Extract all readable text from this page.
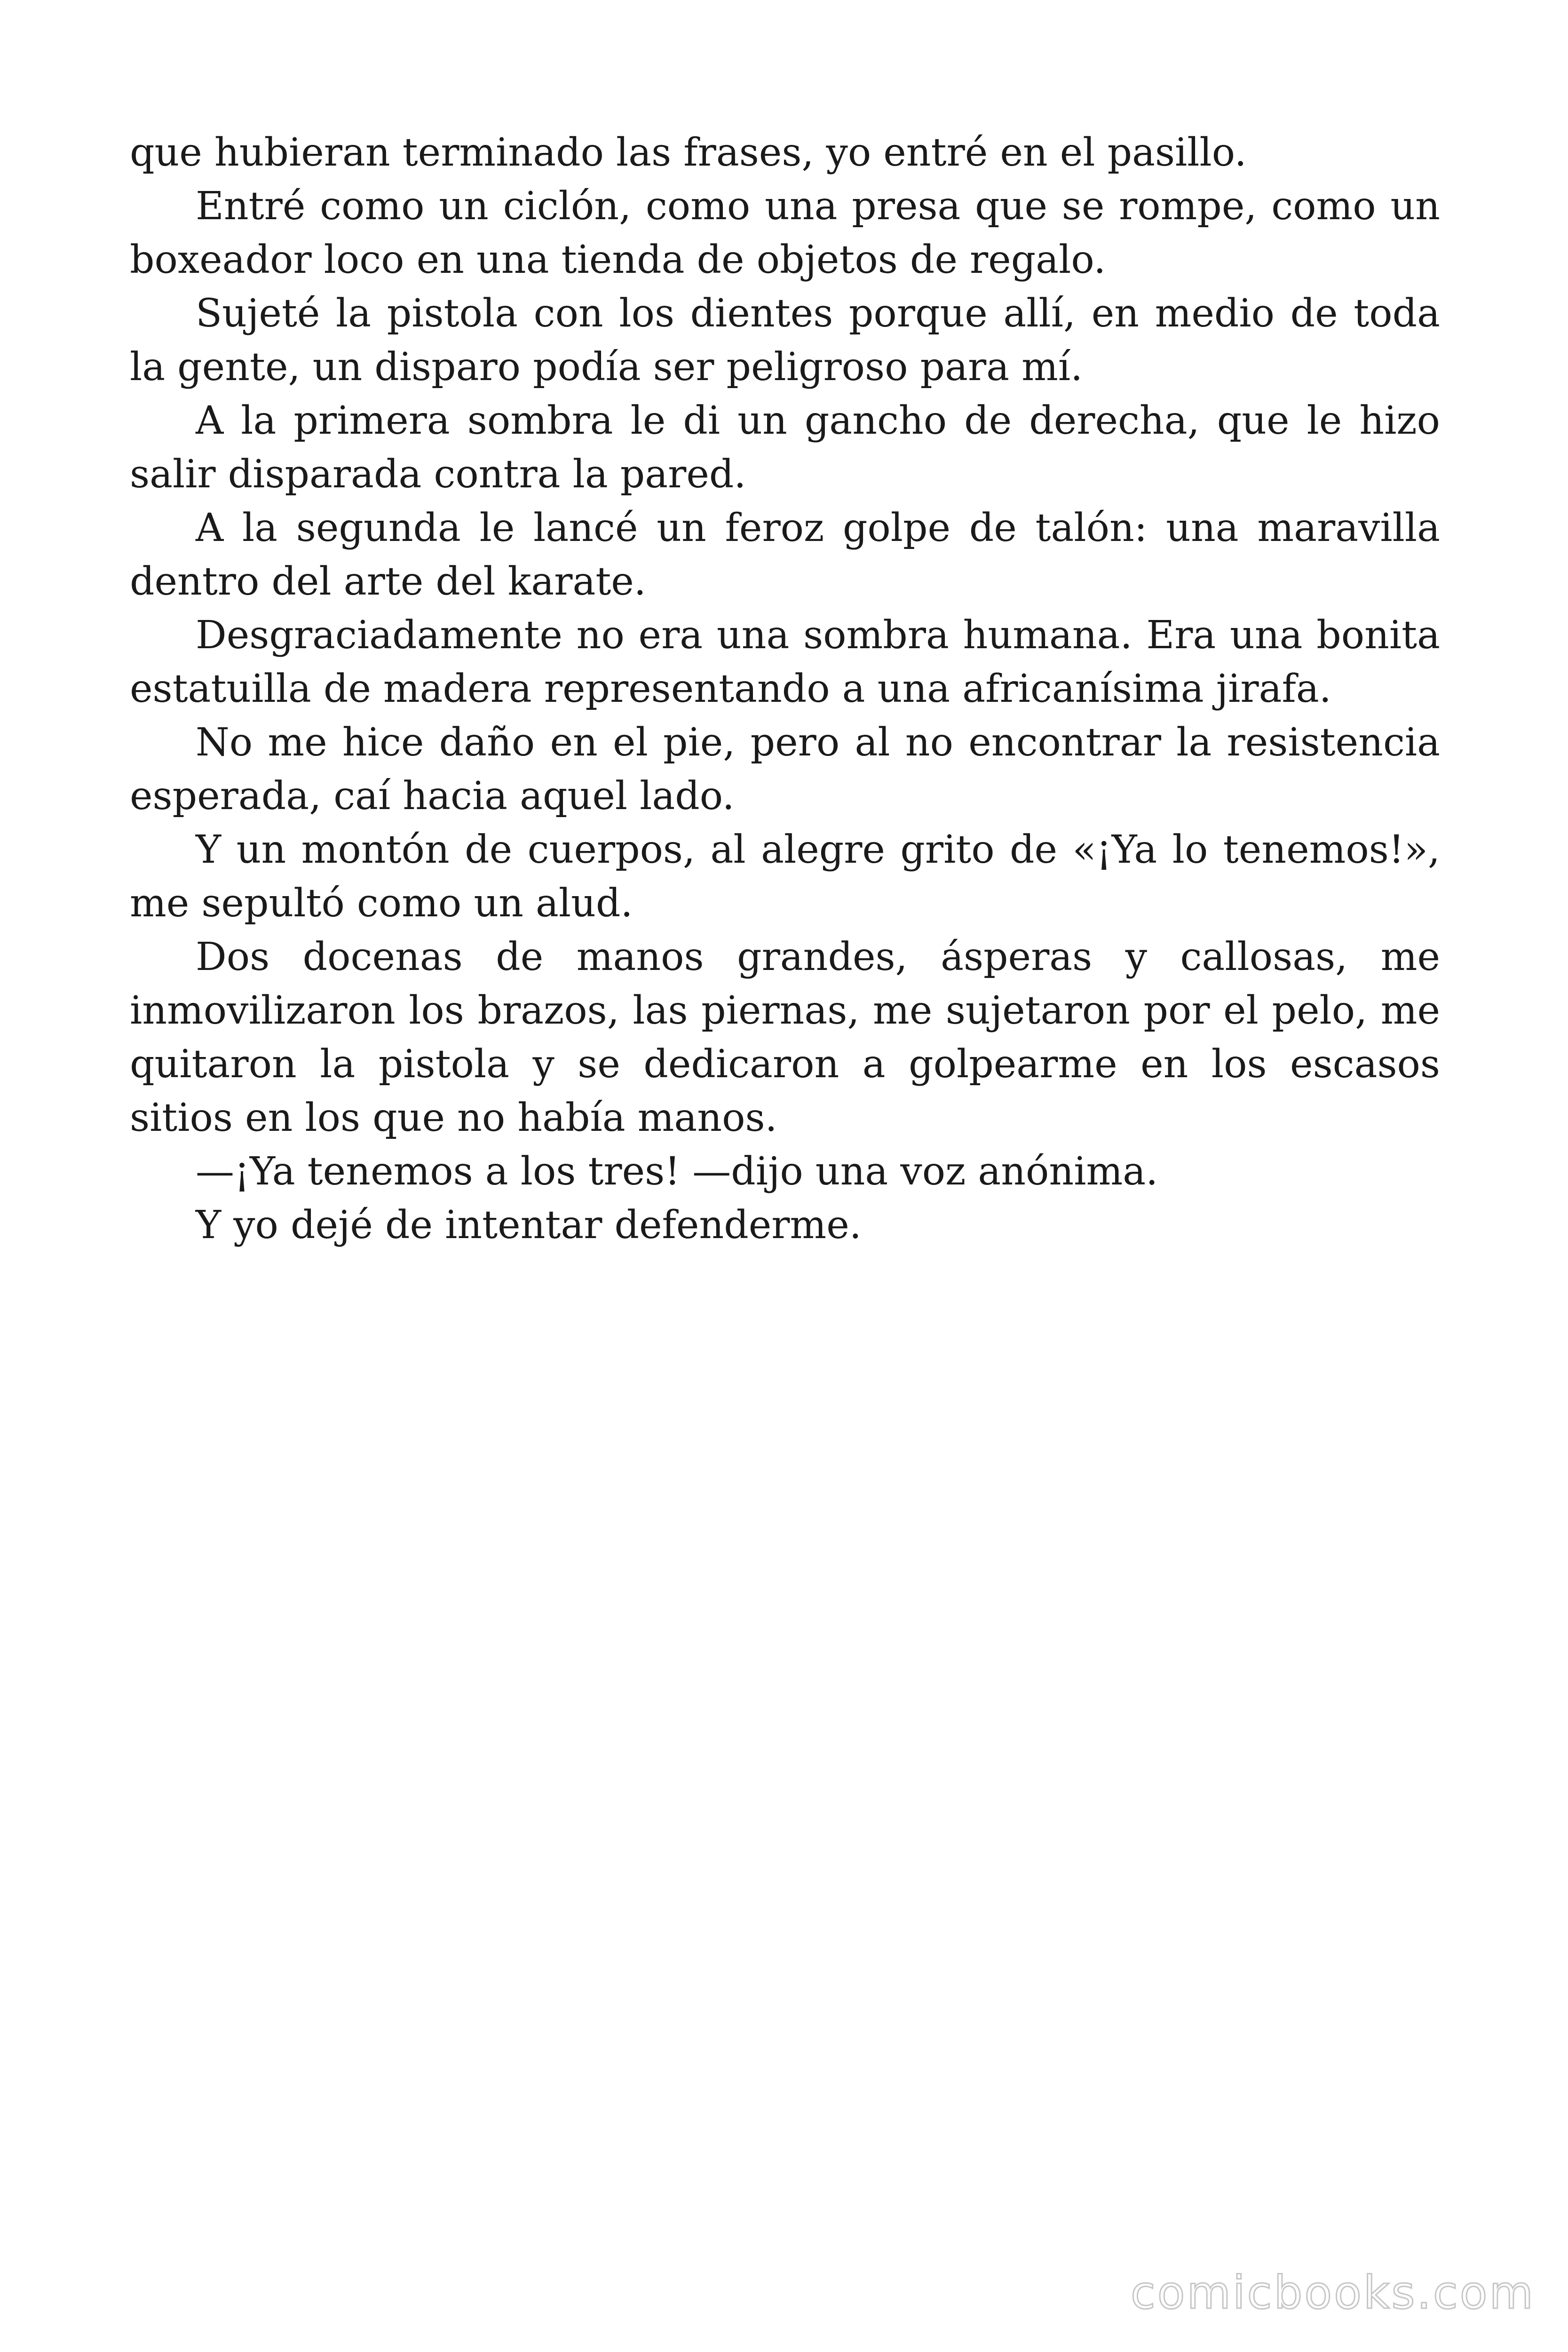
que hubieran terminado las frases, yo entré en el pasillo.

Entré como un ciclón, como una presa que se rompe, como un boxeador loco en una tienda de objetos de regalo.

Sujeté la pistola con los dientes porque allí, en medio de toda la gente, un disparo podía ser peligroso para mí.

A la primera sombra le di un gancho de derecha, que le hizo salir disparada contra la pared.

A la segunda le lancé un feroz golpe de talón: una maravilla dentro del arte del karate.

Desgraciadamente no era una sombra humana. Era una bonita estatuilla de madera representando a una africanísima jirafa.

No me hice daño en el pie, pero al no encontrar la resistencia esperada, caí hacia aquel lado.

Y un montón de cuerpos, al alegre grito de «¡Ya lo tenemos!», me sepultó como un alud.

Dos docenas de manos grandes, ásperas y callosas, me inmovilizaron los brazos, las piernas, me sujetaron por el pelo, me quitaron la pistola y se dedicaron a golpearme en los escasos sitios en los que no había manos.

—¡Ya tenemos a los tres! —dijo una voz anónima.

Y yo dejé de intentar defenderme.

comicbooks.com
